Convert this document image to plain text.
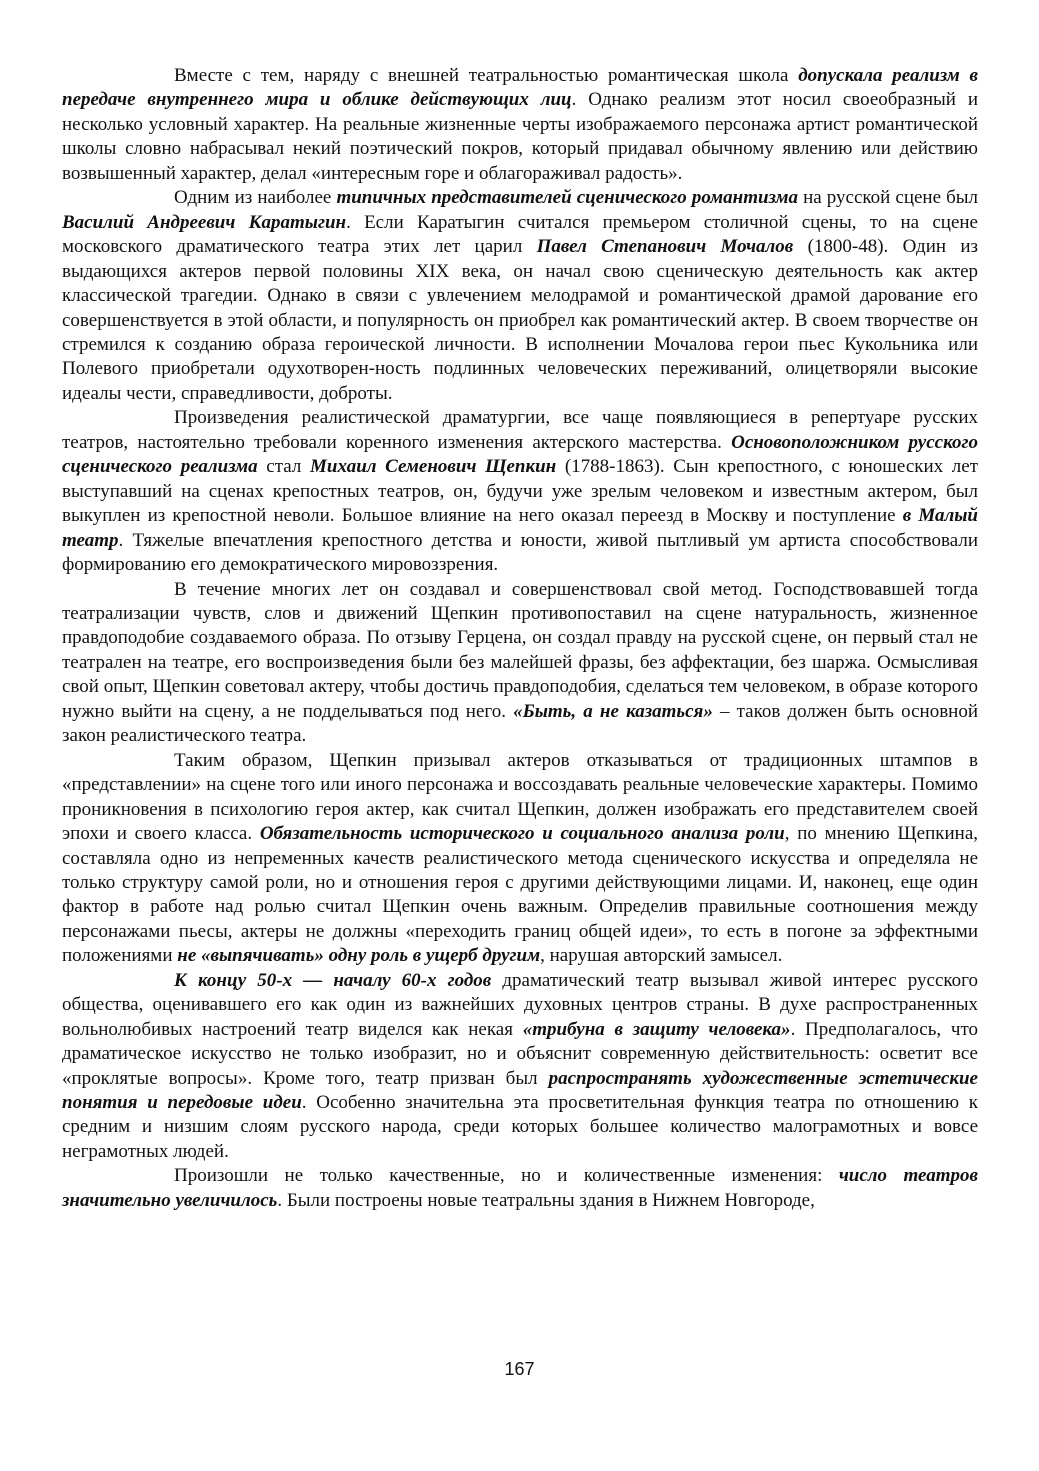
Вместе с тем, наряду с внешней театральностью романтическая школа допускала реализм в передаче внутреннего мира и облике действующих лиц. Однако реализм этот носил своеобразный и несколько условный характер. На реальные жизненные черты изображаемого персонажа артист романтической школы словно набрасывал некий поэтический покров, который придавал обычному явлению или действию возвышенный характер, делал «интересным горе и облагораживал радость».

Одним из наиболее типичных представителей сценического романтизма на русской сцене был Василий Андреевич Каратыгин. Если Каратыгин считался премьером столичной сцены, то на сцене московского драматического театра этих лет царил Павел Степанович Мочалов (1800-48). Один из выдающихся актеров первой половины XIX века, он начал свою сценическую деятельность как актер классической трагедии. Однако в связи с увлечением мелодрамой и романтической драмой дарование его совершенствуется в этой области, и популярность он приобрел как романтический актер. В своем творчестве он стремился к созданию образа героической личности. В исполнении Мочалова герои пьес Кукольника или Полевого приобретали одухотворен-ность подлинных человеческих переживаний, олицетворяли высокие идеалы чести, справедливости, доброты.

Произведения реалистической драматургии, все чаще появляющиеся в репертуаре русских театров, настоятельно требовали коренного изменения актерского мастерства. Основоположником русского сценического реализма стал Михаил Семенович Щепкин (1788-1863). Сын крепостного, с юношеских лет выступавший на сценах крепостных театров, он, будучи уже зрелым человеком и известным актером, был выкуплен из крепостной неволи. Большое влияние на него оказал переезд в Москву и поступление в Малый театр. Тяжелые впечатления крепостного детства и юности, живой пытливый ум артиста способствовали формированию его демократического мировоззрения.

В течение многих лет он создавал и совершенствовал свой метод. Господствовавшей тогда театрализации чувств, слов и движений Щепкин противопоставил на сцене натуральность, жизненное правдоподобие создаваемого образа. По отзыву Герцена, он создал правду на русской сцене, он первый стал не театрален на театре, его воспроизведения были без малейшей фразы, без аффектации, без шаржа. Осмысливая свой опыт, Щепкин советовал актеру, чтобы достичь правдоподобия, сделаться тем человеком, в образе которого нужно выйти на сцену, а не подделываться под него. «Быть, а не казаться» – таков должен быть основной закон реалистического театра.

Таким образом, Щепкин призывал актеров отказываться от традиционных штампов в «представлении» на сцене того или иного персонажа и воссоздавать реальные человеческие характеры. Помимо проникновения в психологию героя актер, как считал Щепкин, должен изображать его представителем своей эпохи и своего класса. Обязательность исторического и социального анализа роли, по мнению Щепкина, составляла одно из непременных качеств реалистического метода сценического искусства и определяла не только структуру самой роли, но и отношения героя с другими действующими лицами. И, наконец, еще один фактор в работе над ролью считал Щепкин очень важным. Определив правильные соотношения между персонажами пьесы, актеры не должны «переходить границ общей идеи», то есть в погоне за эффектными положениями не «выпячивать» одну роль в ущерб другим, нарушая авторский замысел.

К концу 50-х — началу 60-х годов драматический театр вызывал живой интерес русского общества, оценивавшего его как один из важнейших духовных центров страны. В духе распространенных вольнолюбивых настроений театр виделся как некая «трибуна в защиту человека». Предполагалось, что драматическое искусство не только изобразит, но и объяснит современную действительность: осветит все «проклятые вопросы». Кроме того, театр призван был распространять художественные эстетические понятия и передовые идеи. Особенно значительна эта просветительная функция театра по отношению к средним и низшим слоям русского народа, среди которых большее количество малограмотных и вовсе неграмотных людей.

Произошли не только качественные, но и количественные изменения: число театров значительно увеличилось. Были построены новые театральны здания в Нижнем Новгороде,

167
